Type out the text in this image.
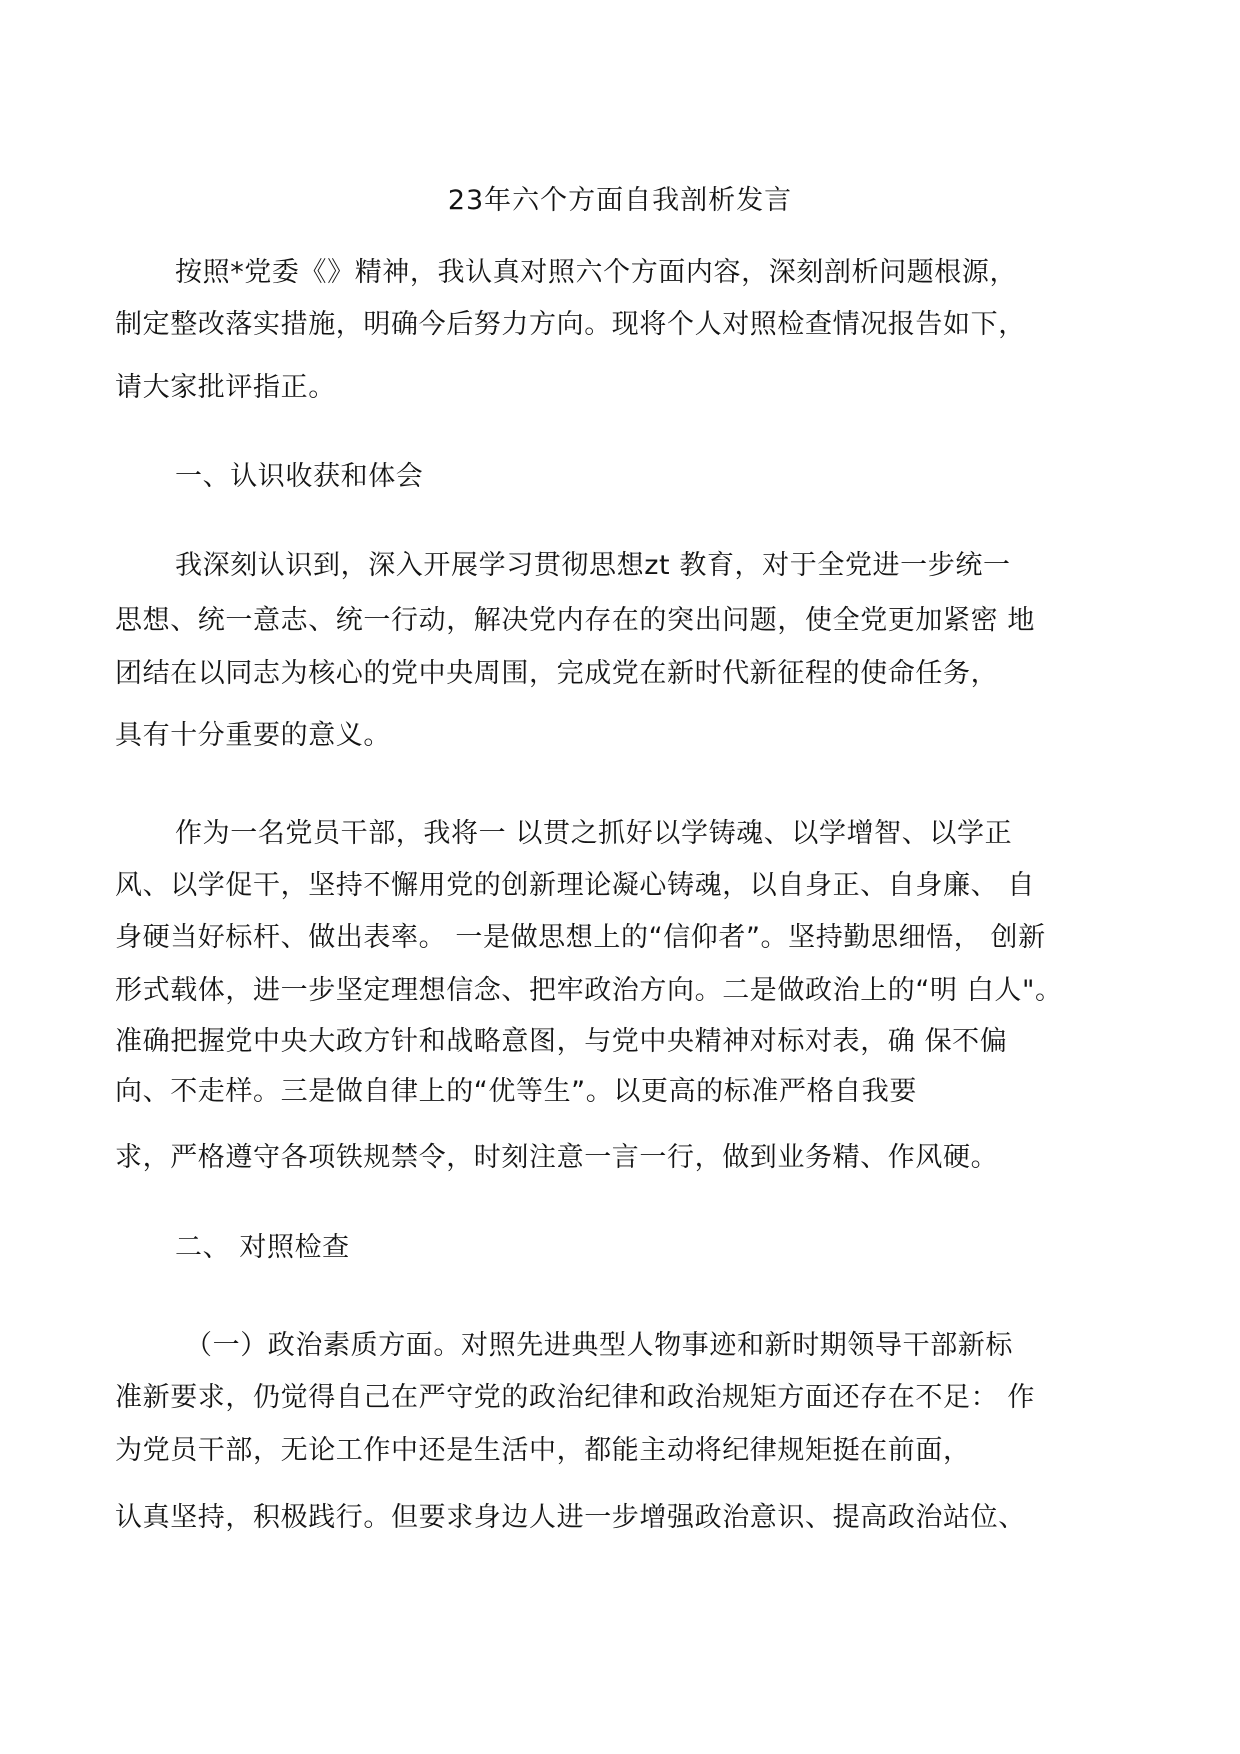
23年六个方面自我剖析发言
按照*党委《》精神，我认真对照六个方面内容，深刻剖析问题根源，
制定整改落实措施，明确今后努力方向。现将个人对照检查情况报告如下，
请大家批评指正。
一、认识收获和体会
我深刻认识到，深入开展学习贯彻思想zt 教育，对于全党进一步统一
思想、统一意志、统一行动，解决党内存在的突出问题，使全党更加紧密 地
团结在以同志为核心的党中央周围，完成党在新时代新征程的使命任务，
具有十分重要的意义。
作为一名党员干部，我将一 以贯之抓好以学铸魂、以学增智、以学正
风、以学促干，坚持不懈用党的创新理论凝心铸魂，以自身正、自身廉、 自
身硬当好标杆、做出表率。 一是做思想上的“信仰者”。坚持勤思细悟， 创新
形式载体，进一步坚定理想信念、把牢政治方向。二是做政治上的“明 白人"。
准确把握党中央大政方针和战略意图，与党中央精神对标对表，确 保不偏
向、不走样。三是做自律上的“优等生”。以更高的标准严格自我要
求，严格遵守各项铁规禁令，时刻注意一言一行，做到业务精、作风硬。
二、 对照检查
（一）政治素质方面。对照先进典型人物事迹和新时期领导干部新标
准新要求，仍觉得自己在严守党的政治纪律和政治规矩方面还存在不足： 作
为党员干部，无论工作中还是生活中，都能主动将纪律规矩挺在前面，
认真坚持，积极践行。但要求身边人进一步增强政治意识、提高政治站位、
